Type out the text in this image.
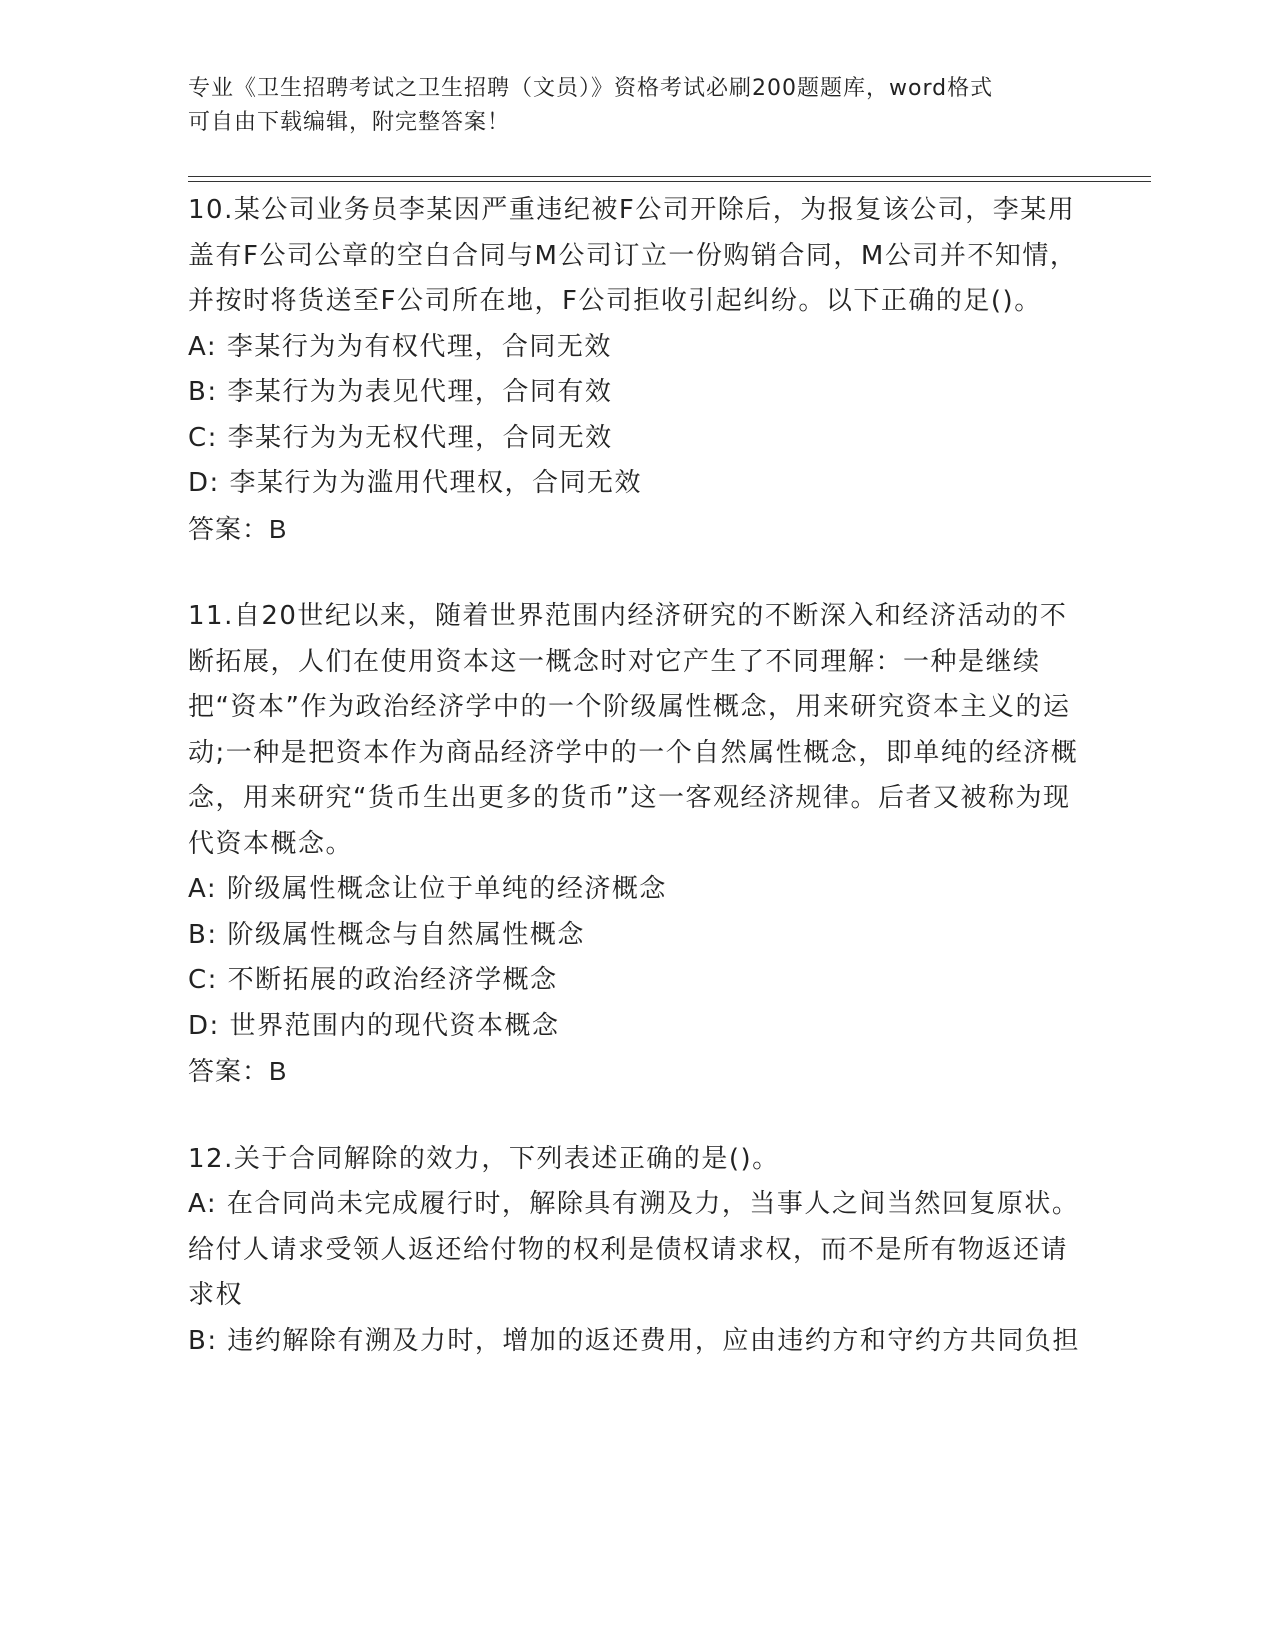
专业《卫生招聘考试之卫生招聘（文员）》资格考试必刷200题题库，word格式
可自由下载编辑，附完整答案！

10.某公司业务员李某因严重违纪被F公司开除后，为报复该公司，李某用盖有F公司公章的空白合同与M公司订立一份购销合同，M公司并不知情，并按时将货送至F公司所在地，F公司拒收引起纠纷。以下正确的足()。

A: 李某行为为有权代理，合同无效

B: 李某行为为表见代理，合同有效

C: 李某行为为无权代理，合同无效

D: 李某行为为滥用代理权，合同无效

答案：B

11.自20世纪以来，随着世界范围内经济研究的不断深入和经济活动的不断拓展，人们在使用资本这一概念时对它产生了不同理解：一种是继续把“资本”作为政治经济学中的一个阶级属性概念，用来研究资本主义的运动;一种是把资本作为商品经济学中的一个自然属性概念，即单纯的经济概念，用来研究“货币生出更多的货币”这一客观经济规律。后者又被称为现代资本概念。

A: 阶级属性概念让位于单纯的经济概念

B: 阶级属性概念与自然属性概念

C: 不断拓展的政治经济学概念

D: 世界范围内的现代资本概念

答案：B

12.关于合同解除的效力，下列表述正确的是()。

A: 在合同尚未完成履行时，解除具有溯及力，当事人之间当然回复原状。给付人请求受领人返还给付物的权利是债权请求权，而不是所有物返还请求权

B: 违约解除有溯及力时，增加的返还费用，应由违约方和守约方共同负担
